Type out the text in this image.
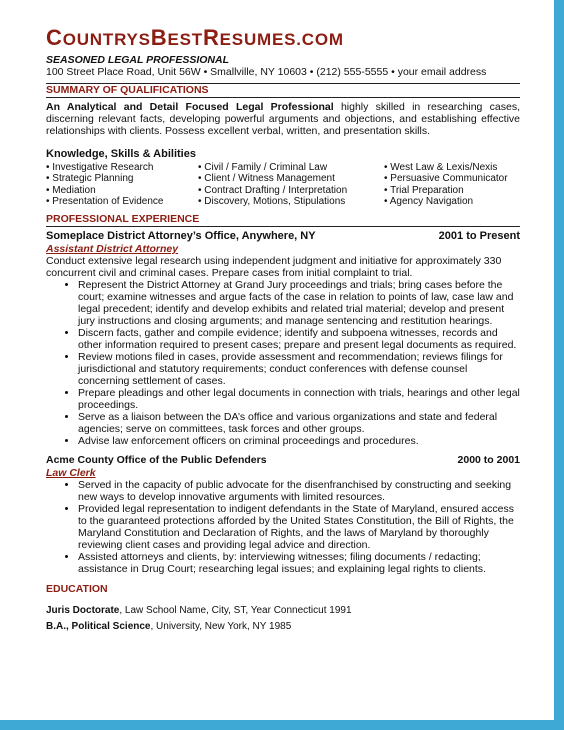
COUNTRYSBESTRESUMES.COM
SEASONED LEGAL PROFESSIONAL
100 Street Place Road, Unit 56W • Smallville, NY 10603 • (212) 555-5555 • your email address
SUMMARY OF QUALIFICATIONS

An Analytical and Detail Focused Legal Professional highly skilled in researching cases, discerning relevant facts, developing powerful arguments and objections, and establishing effective relationships with clients. Possess excellent verbal, written, and presentation skills.

Knowledge, Skills & Abilities
• Investigative Research
• Strategic Planning
• Mediation
• Presentation of Evidence
• Civil / Family / Criminal Law
• Client / Witness Management
• Contract Drafting / Interpretation
• Discovery, Motions, Stipulations
• West Law & Lexis/Nexis
• Persuasive Communicator
• Trial Preparation
• Agency Navigation
PROFESSIONAL EXPERIENCE
Someplace District Attorney’s Office, Anywhere, NY	2001 to Present
Assistant District Attorney

Conduct extensive legal research using independent judgment and initiative for approximately 330 concurrent civil and criminal cases. Prepare cases from initial complaint to trial.

• Represent the District Attorney at Grand Jury proceedings and trials; bring cases before the court; examine witnesses and argue facts of the case in relation to points of law, case law and legal precedent; identify and develop exhibits and related trial material; develop and present jury instructions and closing arguments; and manage sentencing and restitution hearings.
• Discern facts, gather and compile evidence; identify and subpoena witnesses, records and other information required to present cases; prepare and present legal documents as required.
• Review motions filed in cases, provide assessment and recommendation; reviews filings for jurisdictional and statutory requirements; conduct conferences with defense counsel concerning settlement of cases.
• Prepare pleadings and other legal documents in connection with trials, hearings and other legal proceedings.
• Serve as a liaison between the DA’s office and various organizations and state and federal agencies; serve on committees, task forces and other groups.
• Advise law enforcement officers on criminal proceedings and procedures.
Acme County Office of the Public Defenders	2000 to 2001
Law Clerk
• Served in the capacity of public advocate for the disenfranchised by constructing and seeking new ways to develop innovative arguments with limited resources.
• Provided legal representation to indigent defendants in the State of Maryland, ensured access to the guaranteed protections afforded by the United States Constitution, the Bill of Rights, the Maryland Constitution and Declaration of Rights, and the laws of Maryland by thoroughly reviewing client cases and providing legal advice and direction.
• Assisted attorneys and clients, by: interviewing witnesses; filing documents / redacting; assistance in Drug Court; researching legal issues; and explaining legal rights to clients.
EDUCATION
Juris Doctorate, Law School Name, City, ST, Year Connecticut 1991
B.A., Political Science, University, New York, NY 1985
